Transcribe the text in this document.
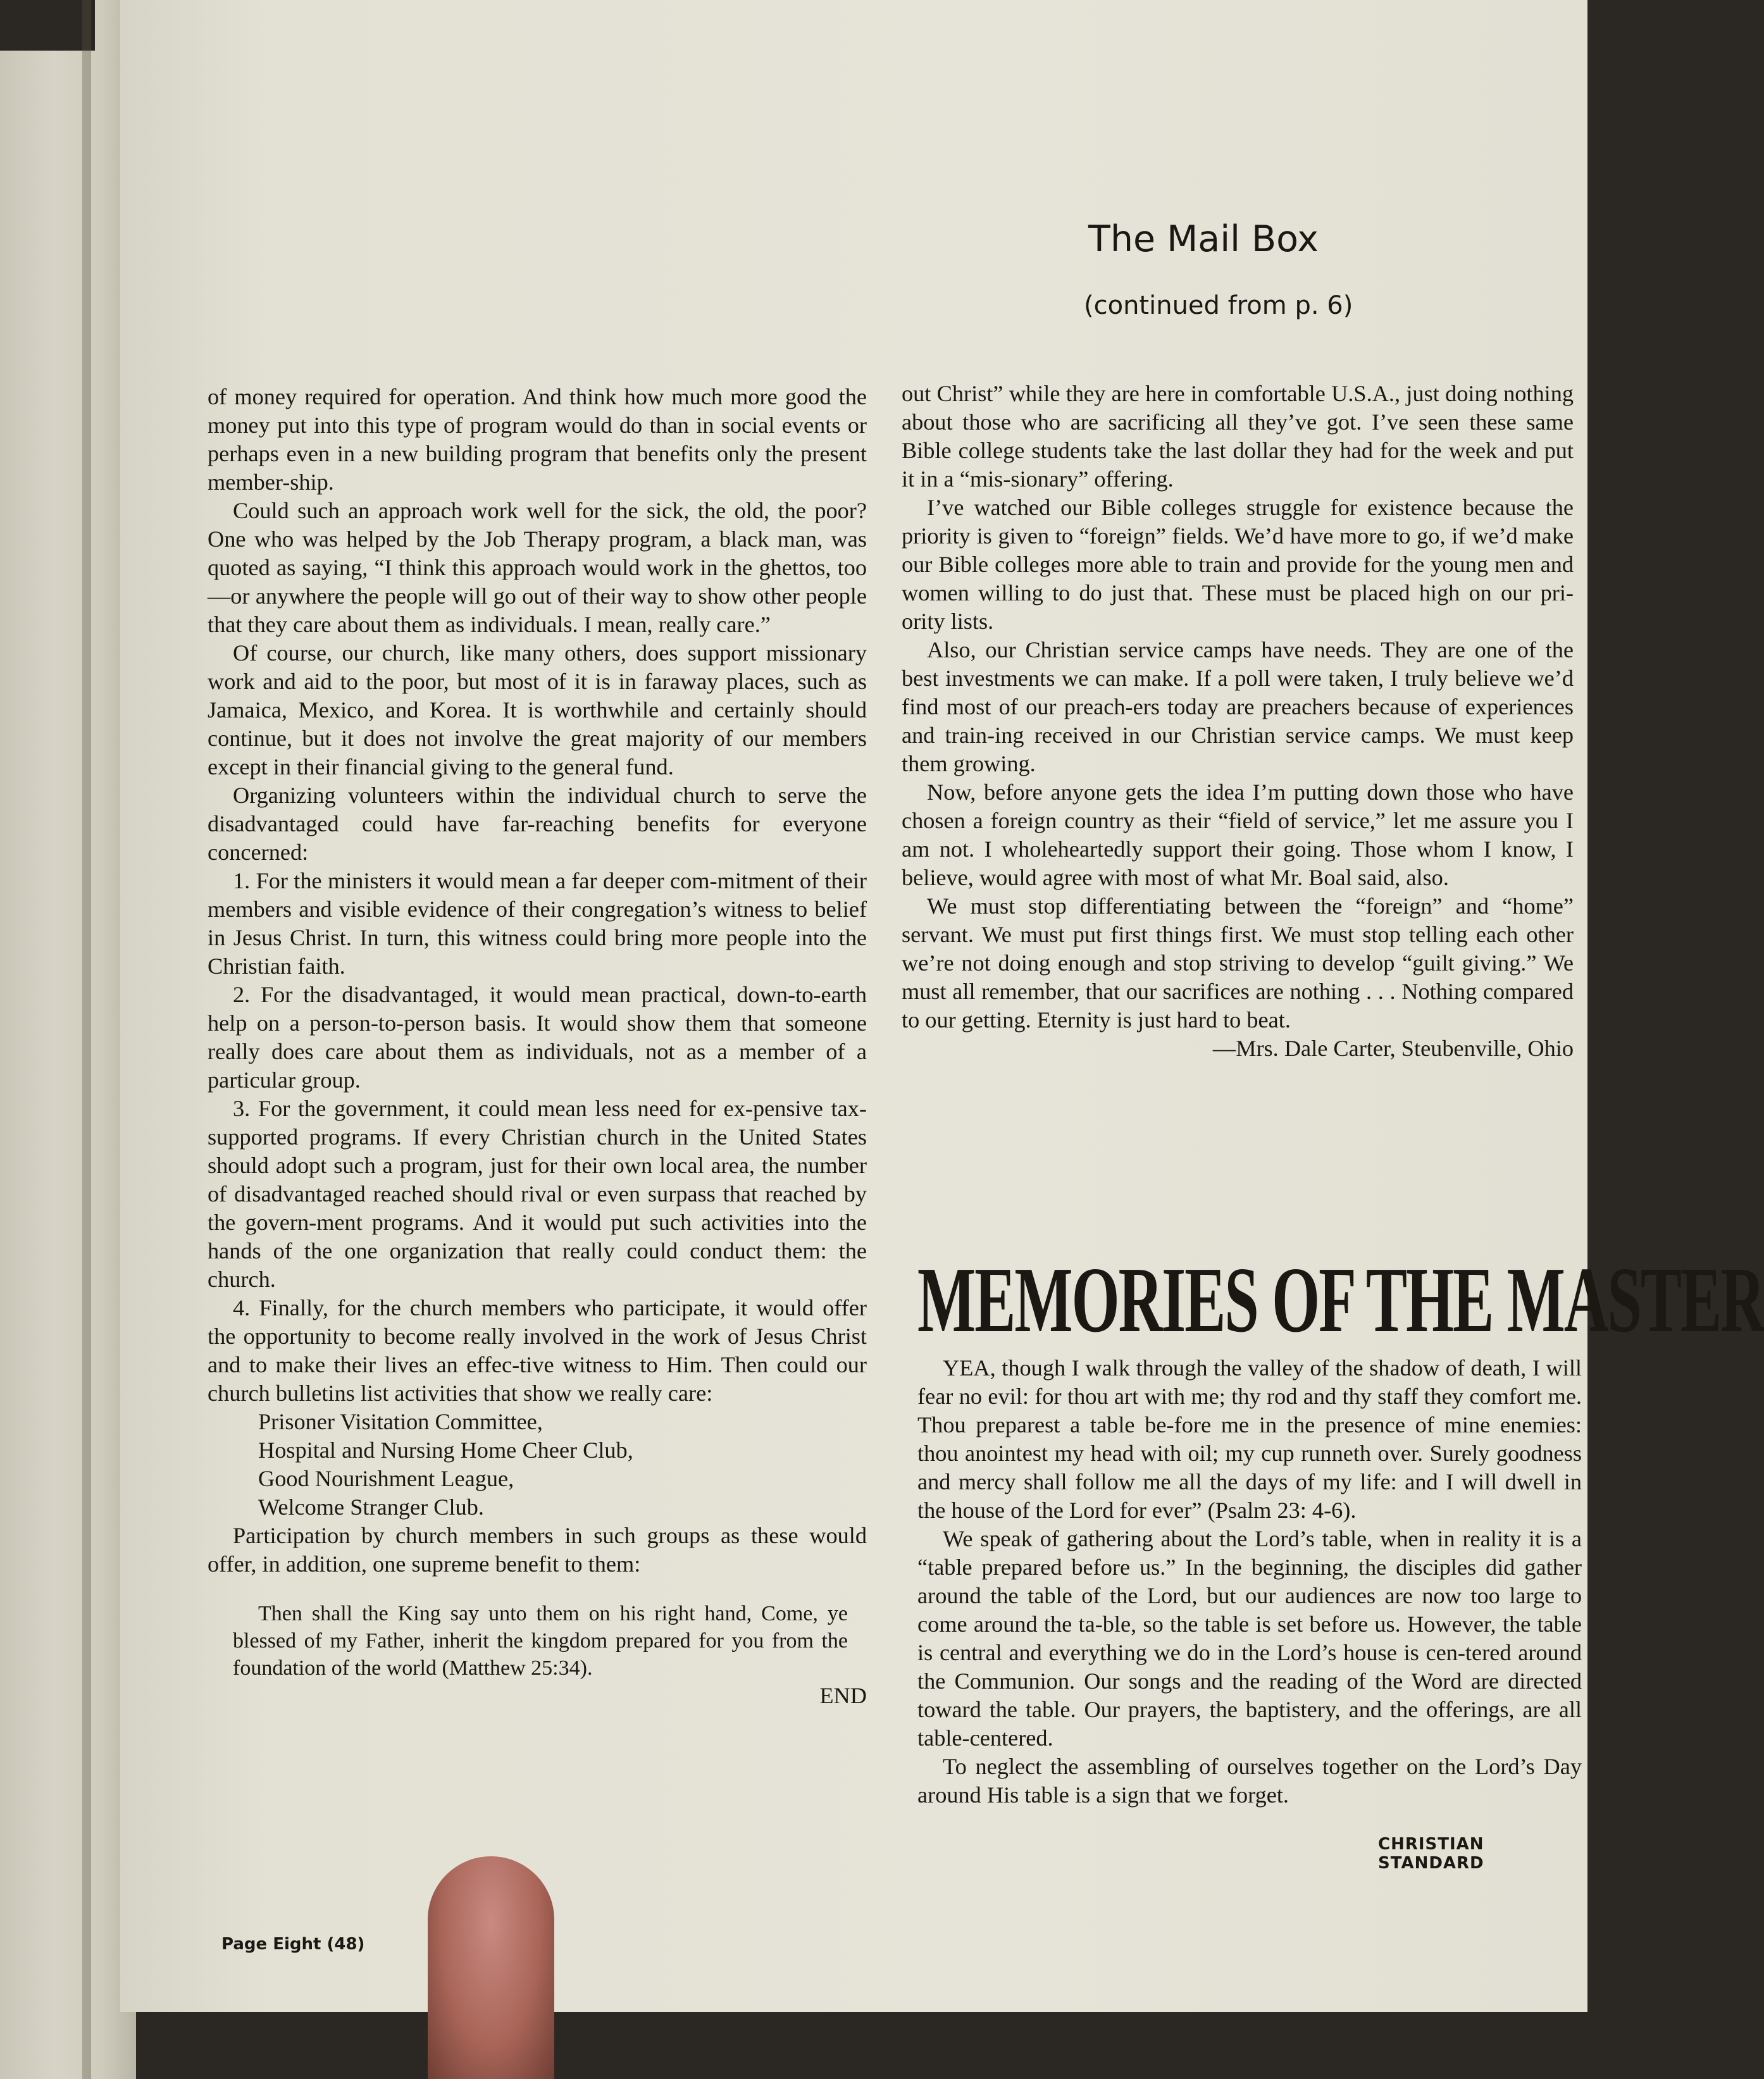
The Mail Box

(continued from p. 6)

of money required for operation. And think how much more good the money put into this type of program would do than in social events or perhaps even in a new building program that benefits only the present member-ship.

Could such an approach work well for the sick, the old, the poor? One who was helped by the Job Therapy program, a black man, was quoted as saying, “I think this approach would work in the ghettos, too—or anywhere the people will go out of their way to show other people that they care about them as individuals. I mean, really care.”

Of course, our church, like many others, does support missionary work and aid to the poor, but most of it is in faraway places, such as Jamaica, Mexico, and Korea. It is worthwhile and certainly should continue, but it does not involve the great majority of our members except in their financial giving to the general fund.

Organizing volunteers within the individual church to serve the disadvantaged could have far-reaching benefits for everyone concerned:

1. For the ministers it would mean a far deeper com-mitment of their members and visible evidence of their congregation’s witness to belief in Jesus Christ. In turn, this witness could bring more people into the Christian faith.

2. For the disadvantaged, it would mean practical, down-to-earth help on a person-to-person basis. It would show them that someone really does care about them as individuals, not as a member of a particular group.

3. For the government, it could mean less need for ex-pensive tax-supported programs. If every Christian church in the United States should adopt such a program, just for their own local area, the number of disadvantaged reached should rival or even surpass that reached by the govern-ment programs. And it would put such activities into the hands of the one organization that really could conduct them: the church.

4. Finally, for the church members who participate, it would offer the opportunity to become really involved in the work of Jesus Christ and to make their lives an effec-tive witness to Him. Then could our church bulletins list activities that show we really care:

Prisoner Visitation Committee,
Hospital and Nursing Home Cheer Club,
Good Nourishment League,
Welcome Stranger Club.

Participation by church members in such groups as these would offer, in addition, one supreme benefit to them:

Then shall the King say unto them on his right hand, Come, ye blessed of my Father, inherit the kingdom prepared for you from the foundation of the world (Matthew 25:34).

END

out Christ” while they are here in comfortable U.S.A., just doing nothing about those who are sacrificing all they’ve got. I’ve seen these same Bible college students take the last dollar they had for the week and put it in a “mis-sionary” offering.

I’ve watched our Bible colleges struggle for existence because the priority is given to “foreign” fields. We’d have more to go, if we’d make our Bible colleges more able to train and provide for the young men and women willing to do just that. These must be placed high on our pri-ority lists.

Also, our Christian service camps have needs. They are one of the best investments we can make. If a poll were taken, I truly believe we’d find most of our preach-ers today are preachers because of experiences and train-ing received in our Christian service camps. We must keep them growing.

Now, before anyone gets the idea I’m putting down those who have chosen a foreign country as their “field of service,” let me assure you I am not. I wholeheartedly support their going. Those whom I know, I believe, would agree with most of what Mr. Boal said, also.

We must stop differentiating between the “foreign” and “home” servant. We must put first things first. We must stop telling each other we’re not doing enough and stop striving to develop “guilt giving.” We must all remember, that our sacrifices are nothing . . . Nothing compared to our getting. Eternity is just hard to beat.

—Mrs. Dale Carter, Steubenville, Ohio

MEMORIES OF THE MASTER

YEA, though I walk through the valley of the shadow of death, I will fear no evil: for thou art with me; thy rod and thy staff they comfort me. Thou preparest a table be-fore me in the presence of mine enemies: thou anointest my head with oil; my cup runneth over. Surely goodness and mercy shall follow me all the days of my life: and I will dwell in the house of the Lord for ever” (Psalm 23: 4-6).

We speak of gathering about the Lord’s table, when in reality it is a “table prepared before us.” In the beginning, the disciples did gather around the table of the Lord, but our audiences are now too large to come around the ta-ble, so the table is set before us. However, the table is central and everything we do in the Lord’s house is cen-tered around the Communion. Our songs and the reading of the Word are directed toward the table. Our prayers, the baptistery, and the offerings, are all table-centered.

To neglect the assembling of ourselves together on the Lord’s Day around His table is a sign that we forget.

Page Eight (48)

CHRISTIAN STANDARD
